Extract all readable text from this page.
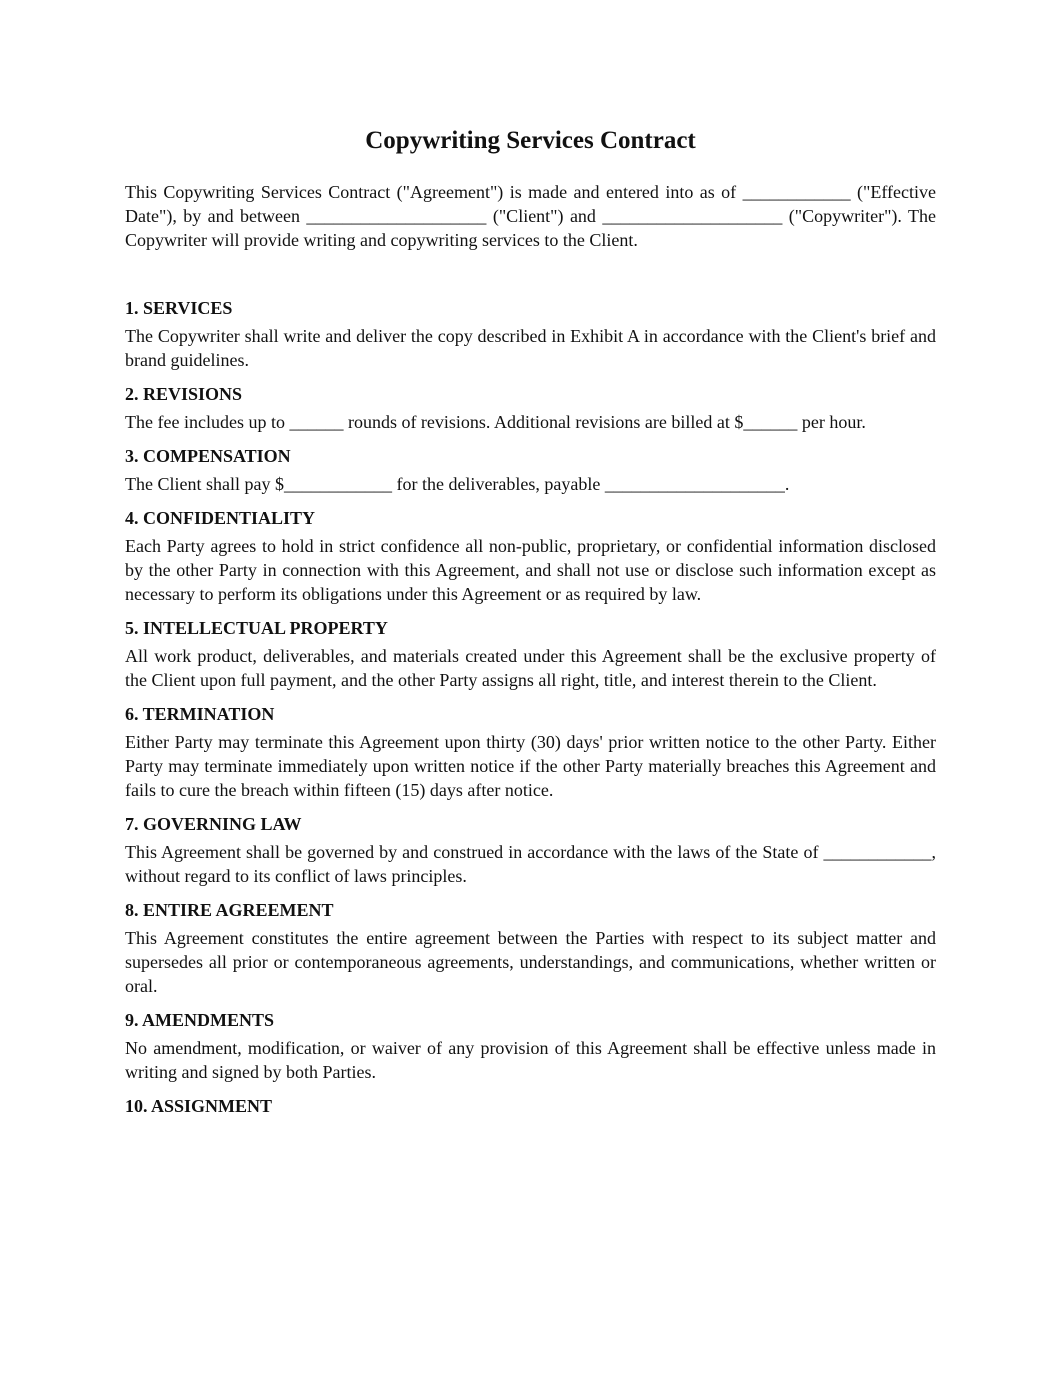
Copywriting Services Contract

This Copywriting Services Contract ("Agreement") is made and entered into as of ____________ ("Effective Date"), by and between ____________________ ("Client") and ____________________ ("Copywriter"). The Copywriter will provide writing and copywriting services to the Client.

1. SERVICES

The Copywriter shall write and deliver the copy described in Exhibit A in accordance with the Client's brief and brand guidelines.

2. REVISIONS

The fee includes up to ______ rounds of revisions. Additional revisions are billed at $______ per hour.

3. COMPENSATION

The Client shall pay $____________ for the deliverables, payable ____________________.

4. CONFIDENTIALITY

Each Party agrees to hold in strict confidence all non-public, proprietary, or confidential information disclosed by the other Party in connection with this Agreement, and shall not use or disclose such information except as necessary to perform its obligations under this Agreement or as required by law.

5. INTELLECTUAL PROPERTY

All work product, deliverables, and materials created under this Agreement shall be the exclusive property of the Client upon full payment, and the other Party assigns all right, title, and interest therein to the Client.

6. TERMINATION

Either Party may terminate this Agreement upon thirty (30) days' prior written notice to the other Party. Either Party may terminate immediately upon written notice if the other Party materially breaches this Agreement and fails to cure the breach within fifteen (15) days after notice.

7. GOVERNING LAW

This Agreement shall be governed by and construed in accordance with the laws of the State of ____________, without regard to its conflict of laws principles.

8. ENTIRE AGREEMENT

This Agreement constitutes the entire agreement between the Parties with respect to its subject matter and supersedes all prior or contemporaneous agreements, understandings, and communications, whether written or oral.

9. AMENDMENTS

No amendment, modification, or waiver of any provision of this Agreement shall be effective unless made in writing and signed by both Parties.

10. ASSIGNMENT
